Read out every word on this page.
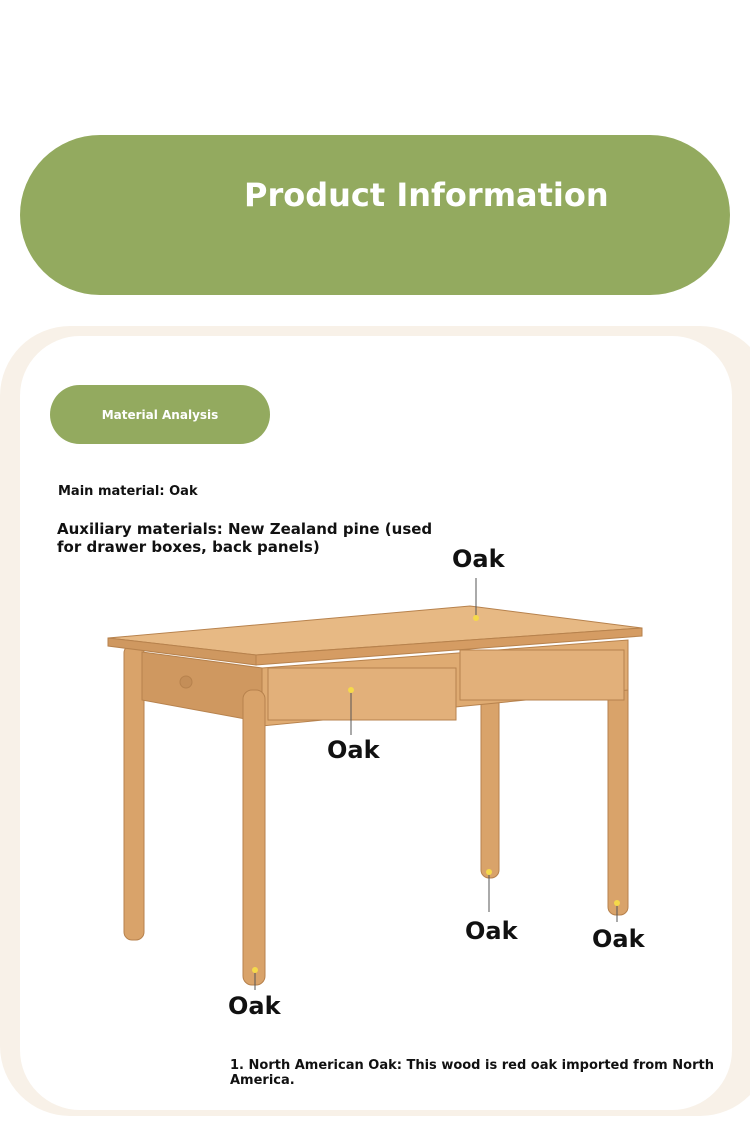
Product Information
Material Analysis
Main material: Oak
Auxiliary materials: New Zealand pine (used for drawer boxes, back panels)	Oak
Oak
Oak	Oak
Oak
1. North American Oak: This wood is red oak imported from North America.
